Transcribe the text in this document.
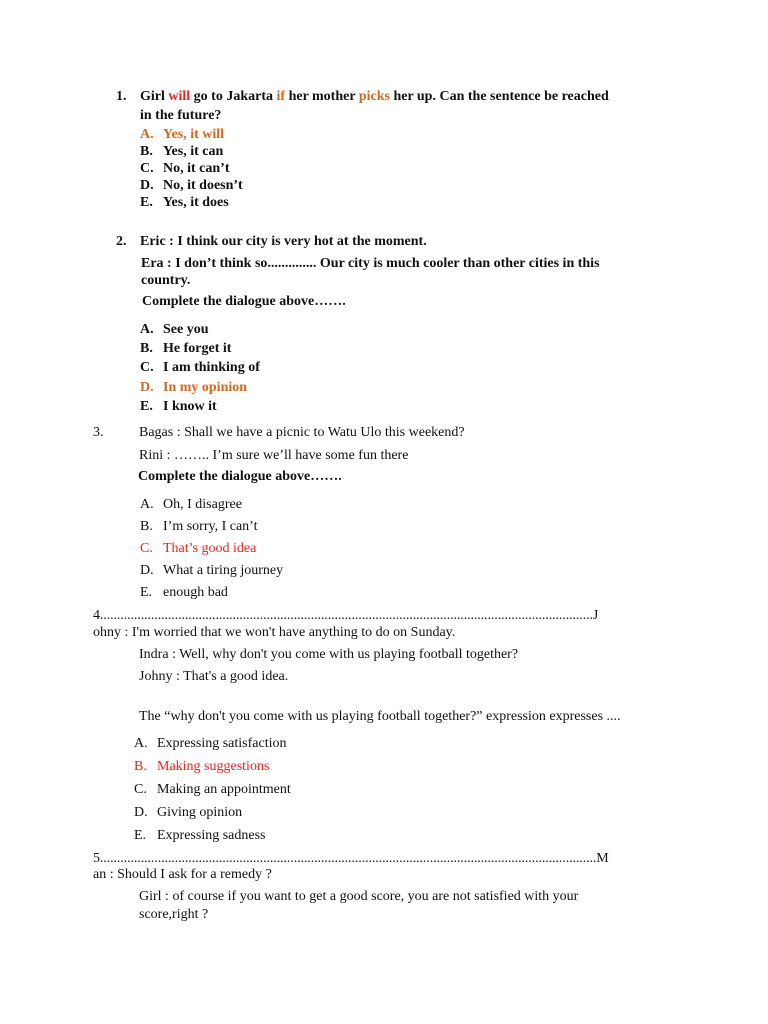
1. Girl will go to Jakarta if her mother picks her up. Can the sentence be reached
in the future?
A. Yes, it will
B. Yes, it can
C. No, it can’t
D. No, it doesn’t
E. Yes, it does
2. Eric : I think our city is very hot at the moment.
Era : I don’t think so.............. Our city is much cooler than other cities in this
country.
Complete the dialogue above…….
A. See you
B. He forget it
C. I am thinking of
D. In my opinion
E. I know it
3.	Bagas : Shall we have a picnic to Watu Ulo this weekend?
Rini : …….. I’m sure we’ll have some fun there
Complete the dialogue above…….
A. Oh, I disagree
B. I’m sorry, I can’t
C. That’s good idea
D. What a tiring journey
E. enough bad
4.................................................................................................................................................J
ohny : I'm worried that we won't have anything to do on Sunday.
Indra : Well, why don't you come with us playing football together?
Johny : That's a good idea.
The “why don't you come with us playing football together?” expression expresses ....
A. Expressing satisfaction
B. Making suggestions
C. Making an appointment
D. Giving opinion
E. Expressing sadness
5..................................................................................................................................................M
an : Should I ask for a remedy ?
Girl : of course if you want to get a good score, you are not satisfied with your
score,right ?
